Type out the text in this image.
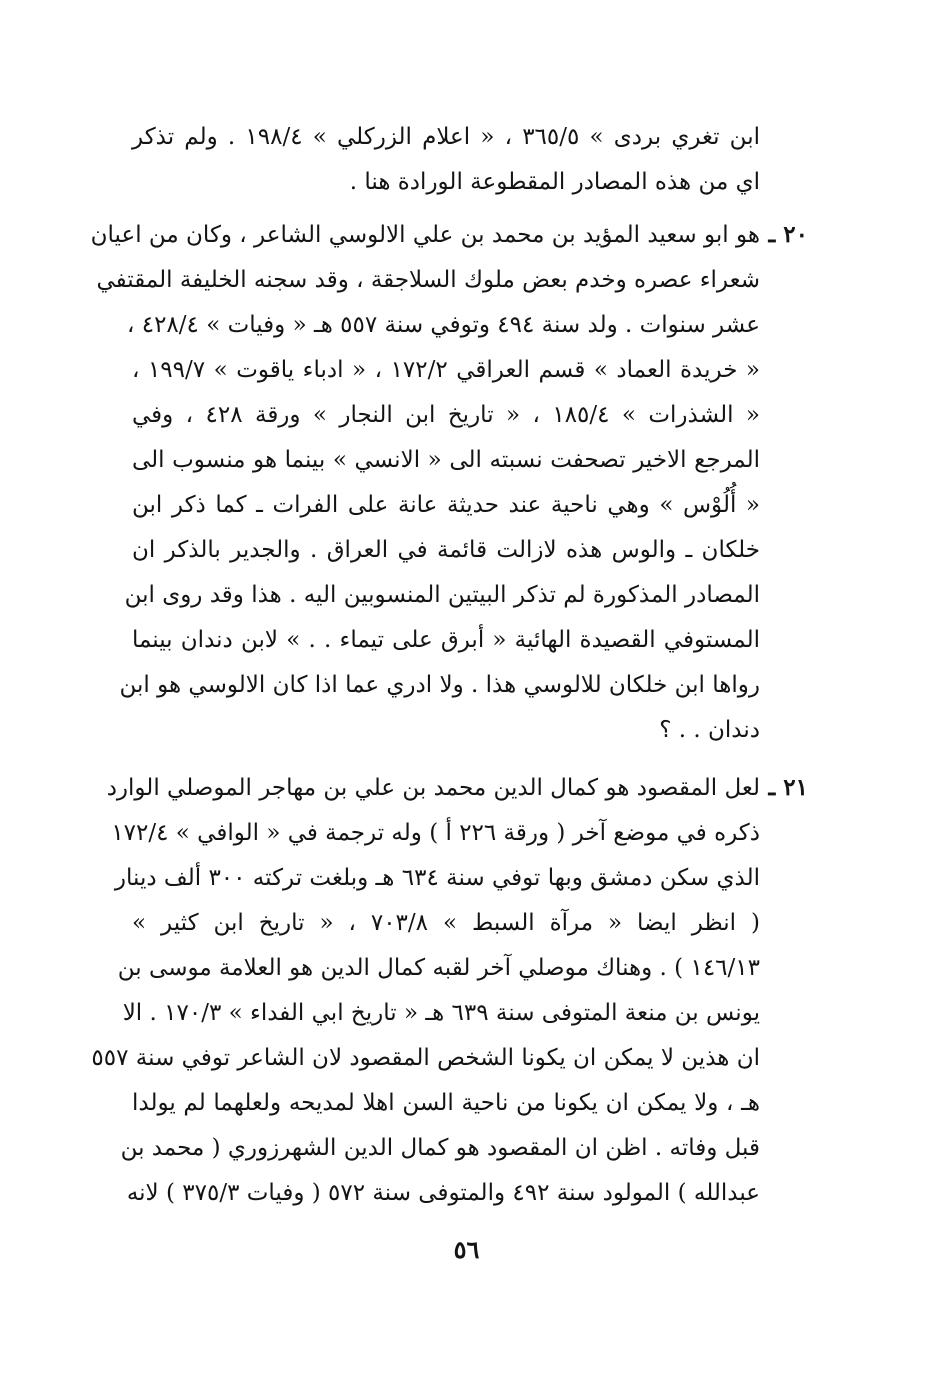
ابن تغري بردى » ٣٦٥/٥ ، « اعلام الزركلي » ١٩٨/٤ . ولم تذكر
اي من هذه المصادر المقطوعة الورادة هنا .
٢٠ ـ
هو ابو سعيد المؤيد بن محمد بن علي الالوسي الشاعر ، وكان من اعيان
شعراء عصره وخدم بعض ملوك السلاجقة ، وقد سجنه الخليفة المقتفي
عشر سنوات . ولد سنة ٤٩٤ وتوفي سنة ٥٥٧ هـ « وفيات » ٤٢٨/٤ ،
« خريدة العماد » قسم العراقي ١٧٢/٢ ، « ادباء ياقوت » ١٩٩/٧ ،
« الشذرات » ١٨٥/٤ ، « تاريخ ابن النجار » ورقة ٤٢٨ ، وفي
المرجع الاخير تصحفت نسبته الى « الانسي » بينما هو منسوب الى
« أُلُوْس » وهي ناحية عند حديثة عانة على الفرات ـ كما ذكر ابن
خلكان ـ والوس هذه لازالت قائمة في العراق . والجدير بالذكر ان
المصادر المذكورة لم تذكر البيتين المنسوبين اليه . هذا وقد روى ابن
المستوفي القصيدة الهائية « أبرق على تيماء . . » لابن دندان بينما
رواها ابن خلكان للالوسي هذا . ولا ادري عما اذا كان الالوسي هو ابن
دندان . . ؟
٢١ ـ
لعل المقصود هو كمال الدين محمد بن علي بن مهاجر الموصلي الوارد
ذكره في موضع آخر ( ورقة ٢٢٦ أ ) وله ترجمة في « الوافي » ١٧٢/٤
الذي سكن دمشق وبها توفي سنة ٦٣٤ هـ وبلغت تركته ٣٠٠ ألف دينار
( انظر ايضا « مرآة السبط » ٧٠٣/٨ ، « تاريخ ابن كثير »
١٤٦/١٣ ) . وهناك موصلي آخر لقبه كمال الدين هو العلامة موسى بن
يونس بن منعة المتوفى سنة ٦٣٩ هـ « تاريخ ابي الفداء » ١٧٠/٣ . الا
ان هذين لا يمكن ان يكونا الشخص المقصود لان الشاعر توفي سنة ٥٥٧
هـ ، ولا يمكن ان يكونا من ناحية السن اهلا لمديحه ولعلهما لم يولدا
قبل وفاته . اظن ان المقصود هو كمال الدين الشهرزوري ( محمد بن
عبدالله ) المولود سنة ٤٩٢ والمتوفى سنة ٥٧٢ ( وفيات ٣٧٥/٣ ) لانه
٥٦
